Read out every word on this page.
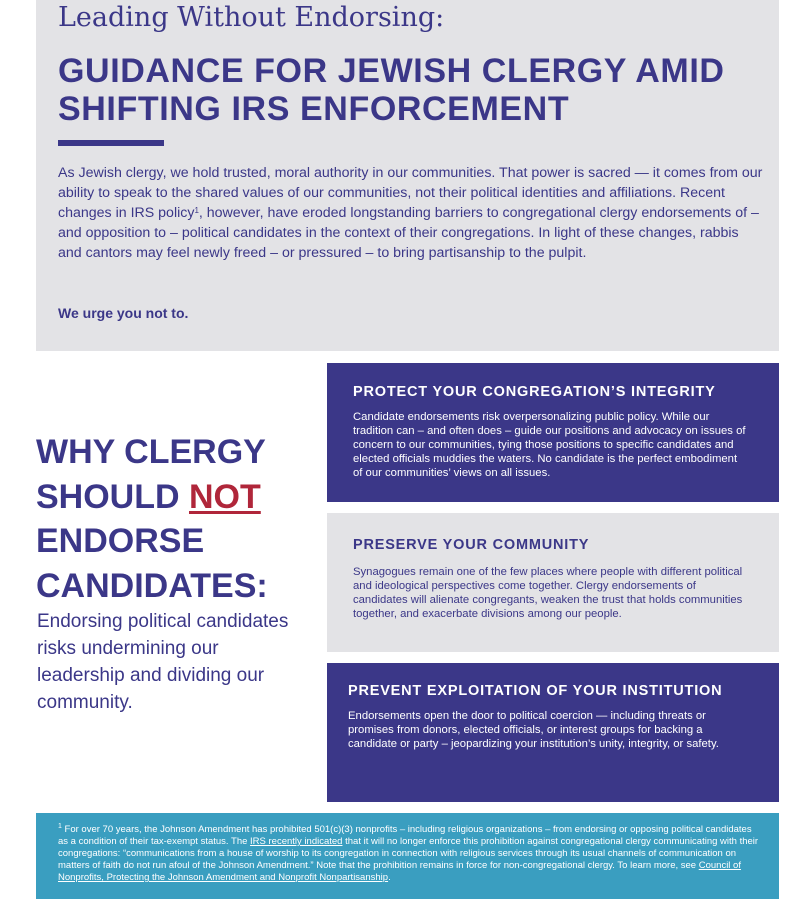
Leading Without Endorsing:
GUIDANCE FOR JEWISH CLERGY AMID
SHIFTING IRS ENFORCEMENT

As Jewish clergy, we hold trusted, moral authority in our communities. That power is sacred — it comes from our ability to speak to the shared values of our communities, not their political identities and affiliations. Recent changes in IRS policy$^1$, however, have eroded longstanding barriers to congregational clergy endorsements of – and opposition to – political candidates in the context of their congregations. In light of these changes, rabbis and cantors may feel newly freed – or pressured – to bring partisanship to the pulpit.

We urge you not to.
WHY CLERGY
SHOULD NOT
ENDORSE
CANDIDATES:
Endorsing political candidates risks undermining our leadership and dividing our community.
PROTECT YOUR CONGREGATION’S INTEGRITY

Candidate endorsements risk overpersonalizing public policy. While our tradition can – and often does – guide our positions and advocacy on issues of concern to our communities, tying those positions to specific candidates and elected officials muddies the waters. No candidate is the perfect embodiment of our communities’ views on all issues.

PRESERVE YOUR COMMUNITY

Synagogues remain one of the few places where people with different political and ideological perspectives come together. Clergy endorsements of candidates will alienate congregants, weaken the trust that holds communities together, and exacerbate divisions among our people.

PREVENT EXPLOITATION OF YOUR INSTITUTION

Endorsements open the door to political coercion — including threats or promises from donors, elected officials, or interest groups for backing a candidate or party – jeopardizing your institution’s unity, integrity, or safety.

$^1$ For over 70 years, the Johnson Amendment has prohibited 501(c)(3) nonprofits – including religious organizations – from endorsing or opposing political candidates as a condition of their tax-exempt status. The IRS recently indicated that it will no longer enforce this prohibition against congregational clergy communicating with their congregations: “communications from a house of worship to its congregation in connection with religious services through its usual channels of communication on matters of faith do not run afoul of the Johnson Amendment.” Note that the prohibition remains in force for non-congregational clergy. To learn more, see Council of Nonprofits, Protecting the Johnson Amendment and Nonprofit Nonpartisanship.
